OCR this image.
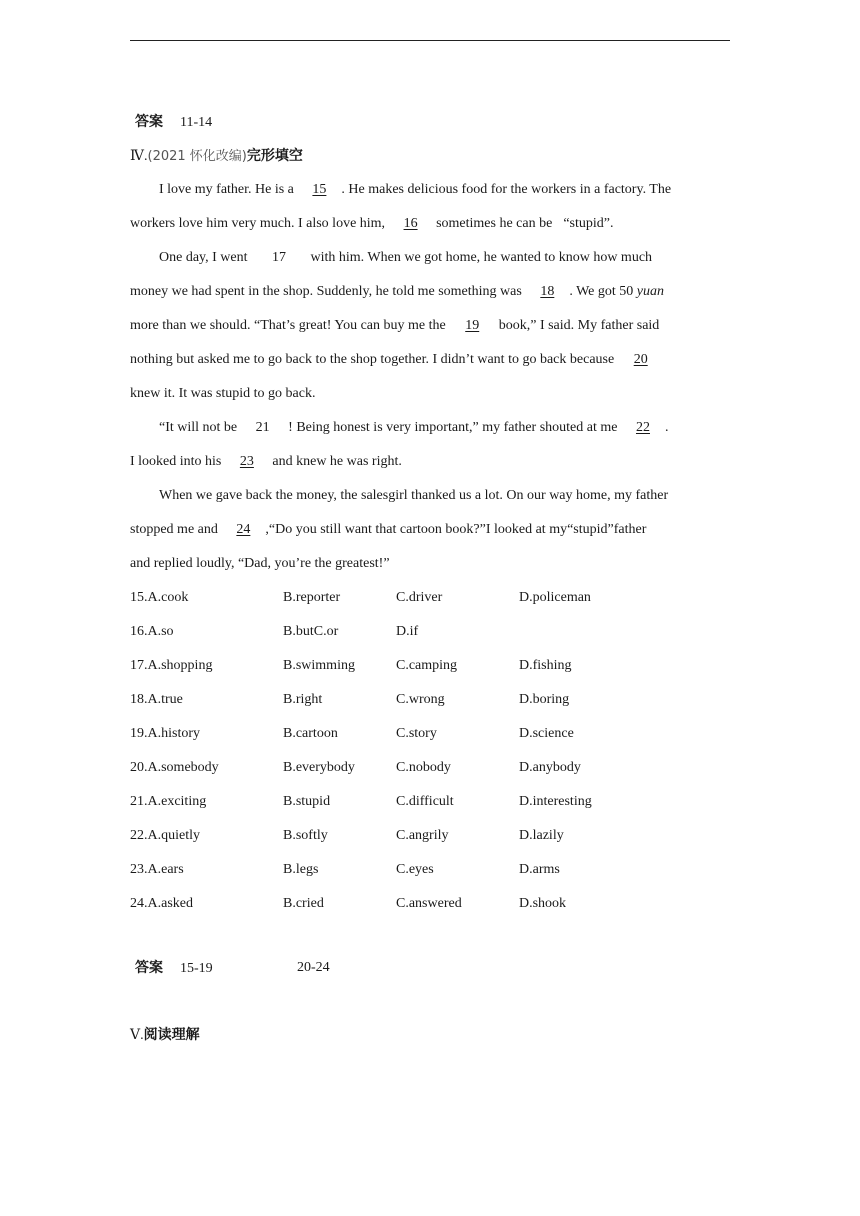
答案 11-14
Ⅳ.(2021 怀化改编)完形填空
I love my father. He is a 15 . He makes delicious food for the workers in a factory. The
workers love him very much. I also love him, 16 sometimes he can be “stupid”.
One day, I went 17 with him. When we got home, he wanted to know how much
money we had spent in the shop. Suddenly, he told me something was 18 . We got 50 yuan
more than we should. “That’s great! You can buy me the 19 book,” I said. My father said
nothing but asked me to go back to the shop together. I didn’t want to go back because 20
knew it. It was stupid to go back.
“It will not be 21 ! Being honest is very important,” my father shouted at me 22 .
I looked into his 23 and knew he was right.
When we gave back the money, the salesgirl thanked us a lot. On our way home, my father
stopped me and 24 ,“Do you still want that cartoon book?”I looked at my“stupid”father
and replied loudly, “Dad, you’re the greatest!”
15.A.cook	B.reporter	C.driver	D.policeman
16.A.so	B.butC.or	D.if
17.A.shopping	B.swimming	C.camping	D.fishing
18.A.true	B.right	C.wrong	D.boring
19.A.history	B.cartoon	C.story	D.science
20.A.somebody	B.everybody	C.nobody	D.anybody
21.A.exciting	B.stupid	C.difficult	D.interesting
22.A.quietly	B.softly	C.angrily	D.lazily
23.A.ears	B.legs	C.eyes	D.arms
24.A.asked	B.cried	C.answered	D.shook
答案 15-19	20-24
Ⅴ.阅读理解
